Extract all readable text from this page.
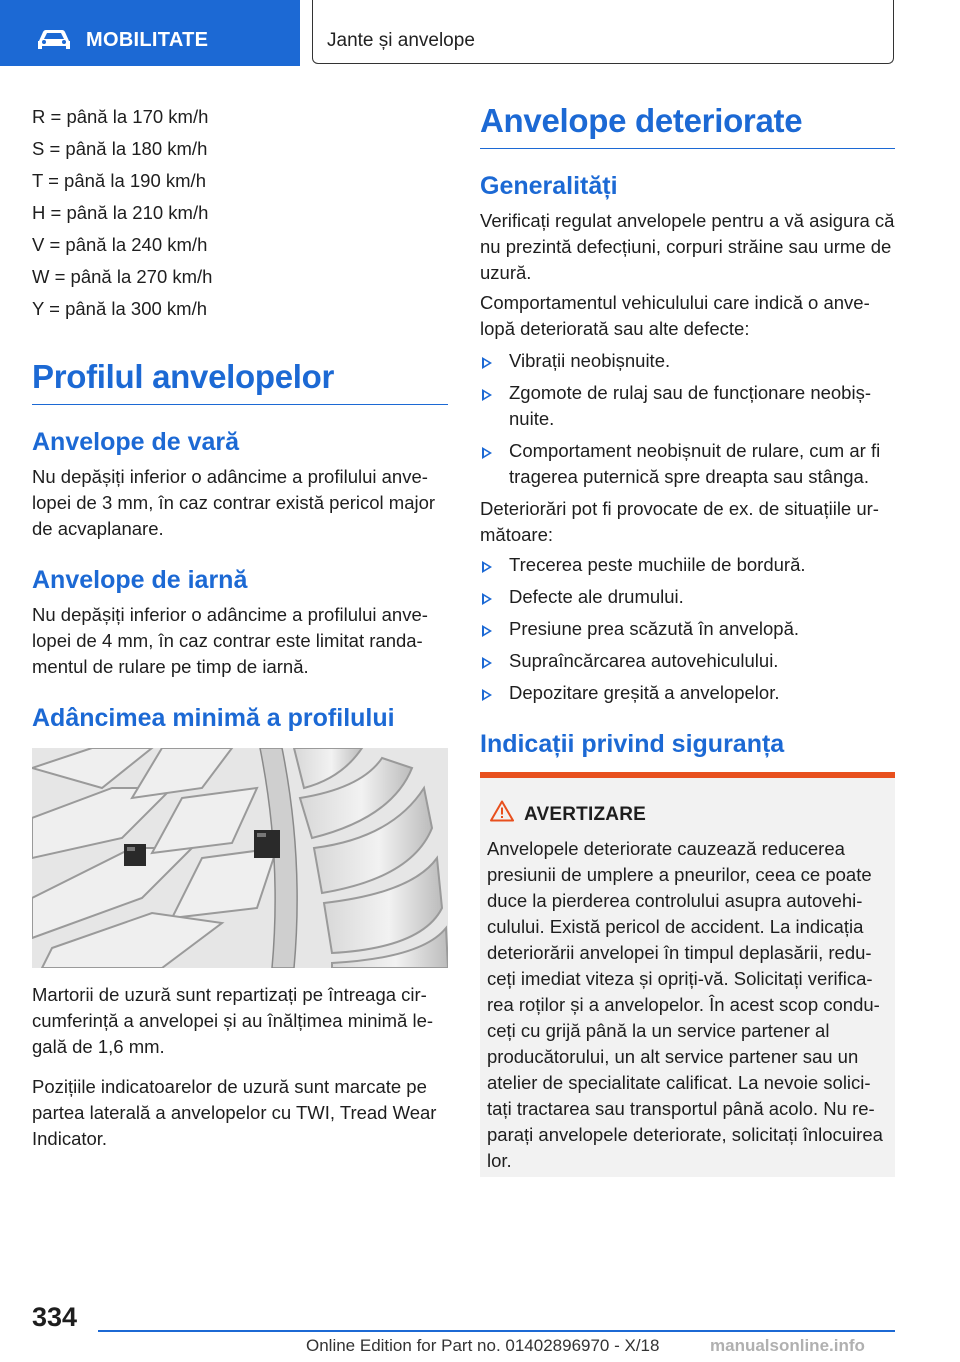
MOBILITATE	Jante și anvelope

R = până la 170 km/h

S = până la 180 km/h

T = până la 190 km/h

H = până la 210 km/h

V = până la 240 km/h

W = până la 270 km/h

Y = până la 300 km/h

Profilul anvelopelor
Anvelope de vară

Nu depășiți inferior o adâncime a profilului anve-lopei de 3 mm, în caz contrar există pericol major de acvaplanare.

Anvelope de iarnă

Nu depășiți inferior o adâncime a profilului anve-lopei de 4 mm, în caz contrar este limitat randa-mentul de rulare pe timp de iarnă.

Adâncimea minimă a profilului

Martorii de uzură sunt repartizați pe întreaga cir-cumferință a anvelopei și au înălțimea minimă le-gală de 1,6 mm.

Pozițiile indicatoarelor de uzură sunt marcate pe partea laterală a anvelopelor cu TWI, Tread Wear Indicator.

Anvelope deteriorate
Generalități

Verificați regulat anvelopele pentru a vă asigura că nu prezintă defecțiuni, corpuri străine sau urme de uzură.

Comportamentul vehiculului care indică o anve-lopă deteriorată sau alte defecte:

Vibrații neobișnuite.
Zgomote de rulaj sau de funcționare neobiș-nuite.
Comportament neobișnuit de rulare, cum ar fi tragerea puternică spre dreapta sau stânga.

Deteriorări pot fi provocate de ex. de situațiile ur-mătoare:

Trecerea peste muchiile de bordură.
Defecte ale drumului.
Presiune prea scăzută în anvelopă.
Supraîncărcarea autovehiculului.
Depozitare greșită a anvelopelor.
Indicații privind siguranța
AVERTIZARE
Anvelopele deteriorate cauzează reducerea presiunii de umplere a pneurilor, ceea ce poate duce la pierderea controlului asupra autovehi-culului. Există pericol de accident. La indicația deteriorării anvelopei în timpul deplasării, redu-ceți imediat viteza și opriți-vă. Solicitați verifica-rea roților și a anvelopelor. În acest scop condu-ceți cu grijă până la un service partener al producătorului, un alt service partener sau un atelier de specialitate calificat. La nevoie solici-tați tractarea sau transportul până acolo. Nu re-parați anvelopele deteriorate, solicitați înlocuirea lor.
334
Online Edition for Part no. 01402896970 - X/18	manualsonline.info
